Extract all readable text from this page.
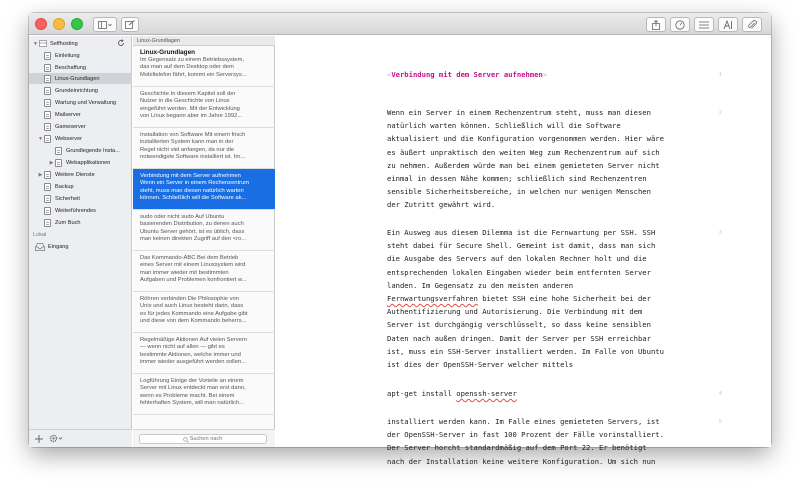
▼ Selfhosting
Einleitung
Beschaffung
Linux-Grundlagen
Grundeinrichtung
Wartung und Verwaltung
Mailserver
Gameserver
▼ Webserver
Grundlegende Insta...
▶ Webapplikationen
▶ Weitere Dienste
Backup
Sicherheit
Weiterführendes
Zum Buch
Lokal
Eingang
Linux-Grundlagen
Linux-Grundlagen
Im Gegensatz zu einem Betriebssystem,
das man auf dem Desktop oder dem
Mobiltelefon fährt, kommt ein Serversys...
Geschichte In diesem Kapitel soll der
Nutzer in die Geschichte von Linux
eingeführt werden. Mit der Entwicklung
von Linux begann aber im Jahre 1992...
Installation von Software Mit einem frisch
installierten System kann man in der
Regel nicht viel anfangen, da nur die
notwendigste Software installiert ist. Im...
Verbindung mit dem Server aufnehmen
Wenn ein Server in einem Rechenzentrum
steht, muss man diesen natürlich warten
können. Schließlich will die Software ak...
sudo oder nicht sudo Auf Ubuntu
basierenden Distribution, zu denen auch
Ubuntu Server gehört, ist es üblich, dass
man keinen direkten Zugriff auf den <ro...
Das Kommando-ABC Bei dem Betrieb
eines Server mit einem Linuxsystem wird
man immer wieder mit bestimmten
Aufgaben und Problemen konfrontiert w...
Röhren verbinden Die Philosophie von
Unix und auch Linux besteht darin, dass
es für jedes Kommando eine Aufgabe gibt
und diese von dem Kommando beherrs...
Regelmäßige Aktionen Auf vielen Servern
— wenn nicht auf allen — gibt es
bestimmte Aktionen, welche immer und
immer wieder ausgeführt werden sollen...
Logführung Einige der Vorteile an einem
Server mit Linux entdeckt man erst dann,
wenn es Probleme macht. Bei einem
fehlerhaften System, will man natürlich...
Suchen nach
«Verbindung mit dem Server aufnehmen»	1
Wenn ein Server in einem Rechenzentrum steht, muss man diesen
natürlich warten können. Schließlich will die Software
aktualisiert und die Konfiguration vorgenommen werden. Hier wäre
es äußert unpraktisch den weiten Weg zum Rechenzentrum auf sich
zu nehmen. Außerdem würde man bei einem gemieteten Server nicht
einmal in dessen Nähe kommen; schließlich sind Rechenzentren
sensible Sicherheitsbereiche, in welchen nur wenigen Menschen
der Zutritt gewährt wird.
2
Ein Ausweg aus diesem Dilemma ist die Fernwartung per SSH. SSH
steht dabei für Secure Shell. Gemeint ist damit, dass man sich
die Ausgabe des Servers auf den lokalen Rechner holt und die
entsprechenden lokalen Eingaben wieder beim entfernten Server
landen. Im Gegensatz zu den meisten anderen
Fernwartungsverfahren bietet SSH eine hohe Sicherheit bei der
Authentifizierung und Autorisierung. Die Verbindung mit dem
Server ist durchgängig verschlüsselt, so dass keine sensiblen
Daten nach außen dringen. Damit der Server per SSH erreichbar
ist, muss ein SSH-Server installiert werden. Im Falle von Ubuntu
ist dies der OpenSSH-Server welcher mittels
3
apt-get install openssh-server	4
installiert werden kann. Im Falle eines gemieteten Servers, ist
der OpenSSH-Server in fast 100 Prozent der Fälle vorinstalliert.
Der Server horcht standardmäßig auf dem Port 22. Er benötigt
nach der Installation keine weitere Konfiguration. Um sich nun
5
